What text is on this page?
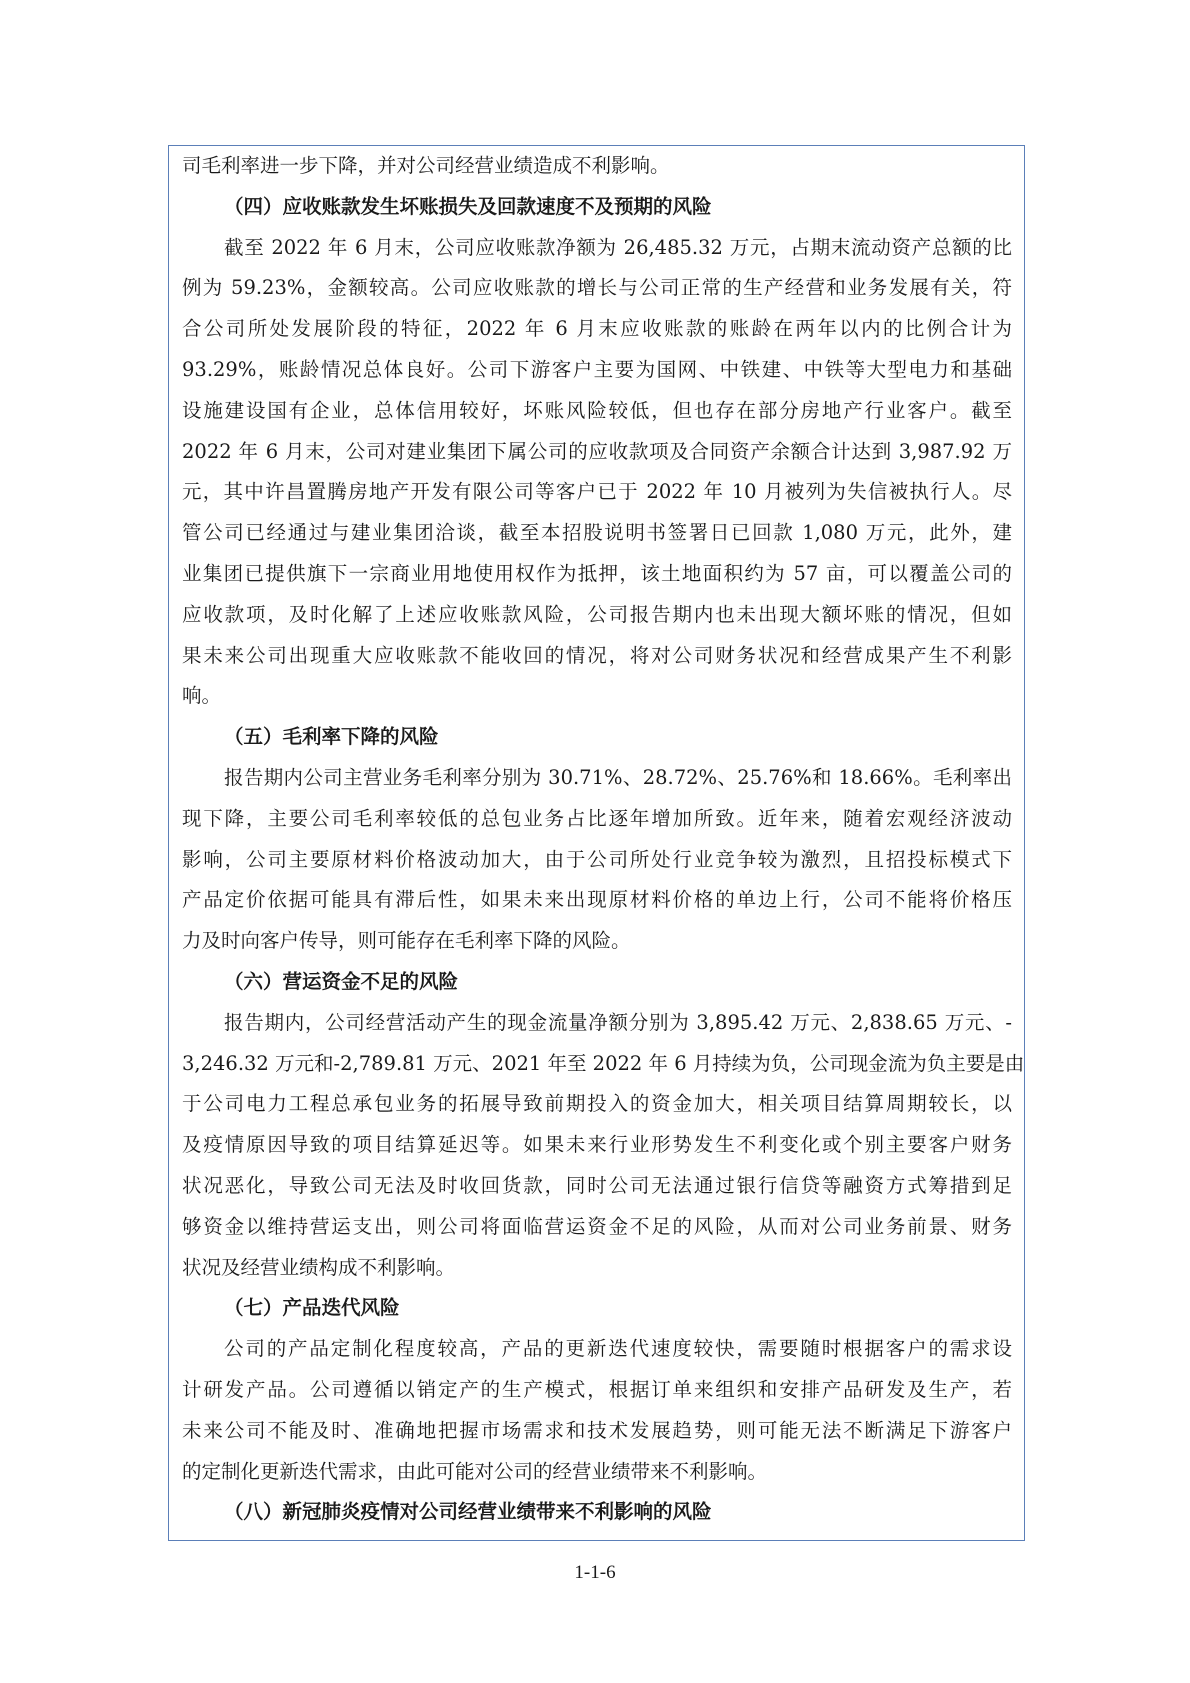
司毛利率进一步下降，并对公司经营业绩造成不利影响。
（四）应收账款发生坏账损失及回款速度不及预期的风险
截至 2022 年 6 月末，公司应收账款净额为 26,485.32 万元，占期末流动资产总额的比
例为 59.23%，金额较高。公司应收账款的增长与公司正常的生产经营和业务发展有关，符
合公司所处发展阶段的特征，2022 年 6 月末应收账款的账龄在两年以内的比例合计为
93.29%，账龄情况总体良好。公司下游客户主要为国网、中铁建、中铁等大型电力和基础
设施建设国有企业，总体信用较好，坏账风险较低，但也存在部分房地产行业客户。截至
2022 年 6 月末，公司对建业集团下属公司的应收款项及合同资产余额合计达到 3,987.92 万
元，其中许昌置腾房地产开发有限公司等客户已于 2022 年 10 月被列为失信被执行人。尽
管公司已经通过与建业集团洽谈，截至本招股说明书签署日已回款 1,080 万元，此外，建
业集团已提供旗下一宗商业用地使用权作为抵押，该土地面积约为 57 亩，可以覆盖公司的
应收款项，及时化解了上述应收账款风险，公司报告期内也未出现大额坏账的情况，但如
果未来公司出现重大应收账款不能收回的情况，将对公司财务状况和经营成果产生不利影
响。
（五）毛利率下降的风险
报告期内公司主营业务毛利率分别为 30.71%、28.72%、25.76%和 18.66%。毛利率出
现下降，主要公司毛利率较低的总包业务占比逐年增加所致。近年来，随着宏观经济波动
影响，公司主要原材料价格波动加大，由于公司所处行业竞争较为激烈，且招投标模式下
产品定价依据可能具有滞后性，如果未来出现原材料价格的单边上行，公司不能将价格压
力及时向客户传导，则可能存在毛利率下降的风险。
（六）营运资金不足的风险
报告期内，公司经营活动产生的现金流量净额分别为 3,895.42 万元、2,838.65 万元、-
3,246.32 万元和-2,789.81 万元、2021 年至 2022 年 6 月持续为负，公司现金流为负主要是由
于公司电力工程总承包业务的拓展导致前期投入的资金加大，相关项目结算周期较长，以
及疫情原因导致的项目结算延迟等。如果未来行业形势发生不利变化或个别主要客户财务
状况恶化，导致公司无法及时收回货款，同时公司无法通过银行信贷等融资方式筹措到足
够资金以维持营运支出，则公司将面临营运资金不足的风险，从而对公司业务前景、财务
状况及经营业绩构成不利影响。
（七）产品迭代风险
公司的产品定制化程度较高，产品的更新迭代速度较快，需要随时根据客户的需求设
计研发产品。公司遵循以销定产的生产模式，根据订单来组织和安排产品研发及生产，若
未来公司不能及时、准确地把握市场需求和技术发展趋势，则可能无法不断满足下游客户
的定制化更新迭代需求，由此可能对公司的经营业绩带来不利影响。
（八）新冠肺炎疫情对公司经营业绩带来不利影响的风险
1-1-6
